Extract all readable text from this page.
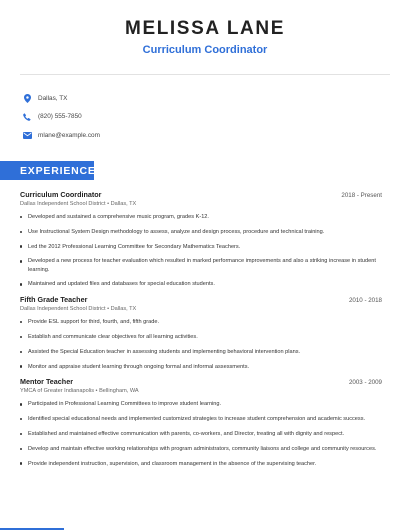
MELISSA LANE
Curriculum Coordinator
Dallas, TX
(820) 555-7850
mlane@example.com
EXPERIENCE
Curriculum Coordinator	2018 - Present
Dallas Independent School District • Dallas, TX
Developed and sustained a comprehensive music program, grades K-12.
Use Instructional System Design methodology to assess, analyze and design process, procedure and technical training.
Led the 2012 Professional Learning Committee for Secondary Mathematics Teachers.
Developed a new process for teacher evaluation which resulted in marked performance improvements and also a striking increase in student learning.
Maintained and updated files and databases for special education students.
Fifth Grade Teacher	2010 - 2018
Dallas Independent School District • Dallas, TX
Provide ESL support for third, fourth, and, fifth grade.
Establish and communicate clear objectives for all learning activities.
Assisted the Special Education teacher in assessing students and implementing behavioral intervention plans.
Monitor and appraise student learning through ongoing formal and informal assessments.
Mentor Teacher	2003 - 2009
YMCA of Greater Indianapolis • Bellingham, WA
Participated in Professional Learning Committees to improve student learning.
Identified special educational needs and implemented customized strategies to increase student comprehension and academic success.
Established and maintained effective communication with parents, co-workers, and Director, treating all with dignity and respect.
Develop and maintain effective working relationships with program administrators, community liaisons and college and community resources.
Provide independent instruction, supervision, and classroom management in the absence of the supervising teacher.
